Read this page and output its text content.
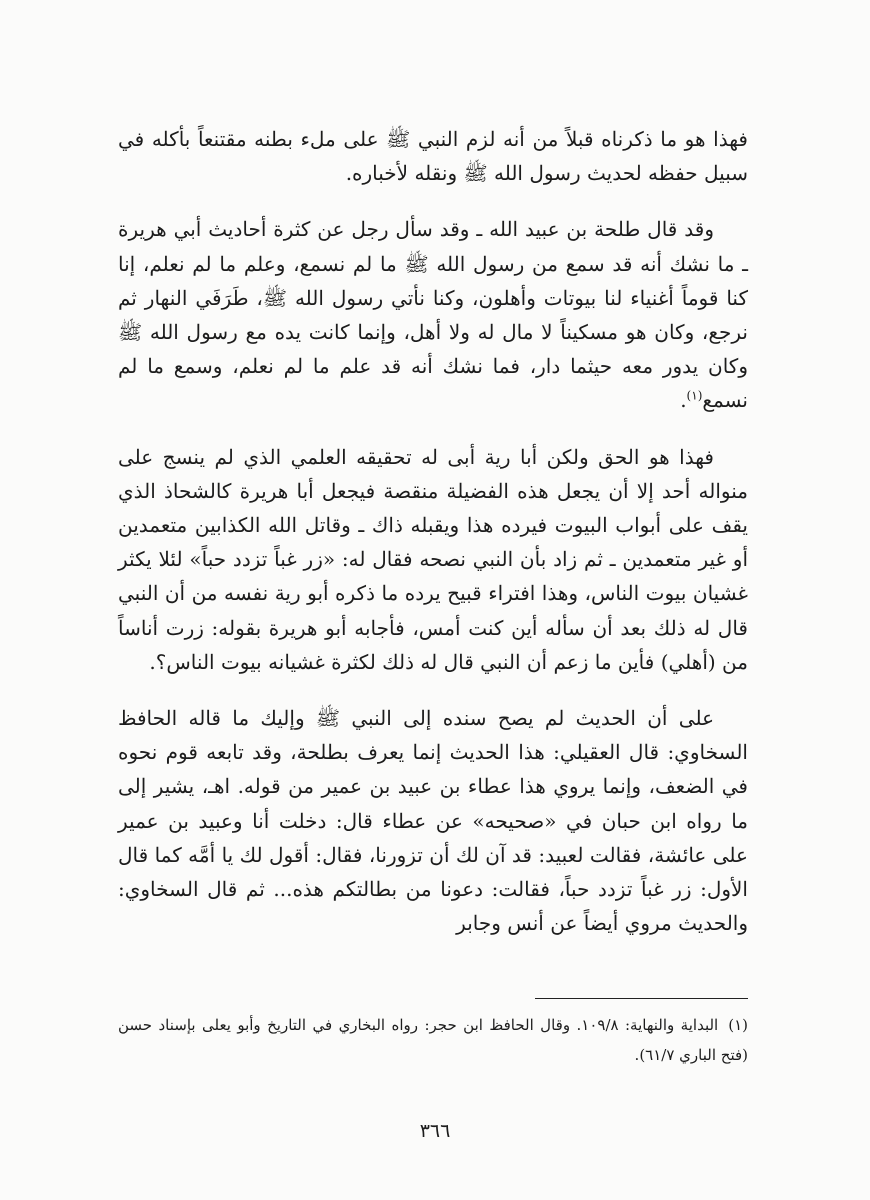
فهذا هو ما ذكرناه قبلاً من أنه لزم النبي ﷺ على ملء بطنه مقتنعاً بأكله في سبيل حفظه لحديث رسول الله ﷺ ونقله لأخباره.

وقد قال طلحة بن عبيد الله ـ وقد سأل رجل عن كثرة أحاديث أبي هريرة ـ ما نشك أنه قد سمع من رسول الله ﷺ ما لم نسمع، وعلم ما لم نعلم، إنا كنا قوماً أغنياء لنا بيوتات وأهلون، وكنا نأتي رسول الله ﷺ، طَرَفَي النهار ثم نرجع، وكان هو مسكيناً لا مال له ولا أهل، وإنما كانت يده مع رسول الله ﷺ وكان يدور معه حيثما دار، فما نشك أنه قد علم ما لم نعلم، وسمع ما لم نسمع$^{(١)}$.

فهذا هو الحق ولكن أبا رية أبى له تحقيقه العلمي الذي لم ينسج على منواله أحد إلا أن يجعل هذه الفضيلة منقصة فيجعل أبا هريرة كالشحاذ الذي يقف على أبواب البيوت فيرده هذا ويقبله ذاك ـ وقاتل الله الكذابين متعمدين أو غير متعمدين ـ ثم زاد بأن النبي نصحه فقال له: «زر غباً تزدد حباً» لئلا يكثر غشيان بيوت الناس، وهذا افتراء قبيح يرده ما ذكره أبو رية نفسه من أن النبي قال له ذلك بعد أن سأله أين كنت أمس، فأجابه أبو هريرة بقوله: زرت أناساً من (أهلي) فأين ما زعم أن النبي قال له ذلك لكثرة غشيانه بيوت الناس؟.

على أن الحديث لم يصح سنده إلى النبي ﷺ وإليك ما قاله الحافظ السخاوي: قال العقيلي: هذا الحديث إنما يعرف بطلحة، وقد تابعه قوم نحوه في الضعف، وإنما يروي هذا عطاء بن عبيد بن عمير من قوله. اهـ، يشير إلى ما رواه ابن حبان في «صحيحه» عن عطاء قال: دخلت أنا وعبيد بن عمير على عائشة، فقالت لعبيد: قد آن لك أن تزورنا، فقال: أقول لك يا أمَّه كما قال الأول: زر غباً تزدد حباً، فقالت: دعونا من بطالتكم هذه... ثم قال السخاوي: والحديث مروي أيضاً عن أنس وجابر

(١)البداية والنهاية: ١٠٩/٨. وقال الحافظ ابن حجر: رواه البخاري في التاريخ وأبو يعلى بإسناد حسن (فتح الباري ٦١/٧).
٣٦٦
